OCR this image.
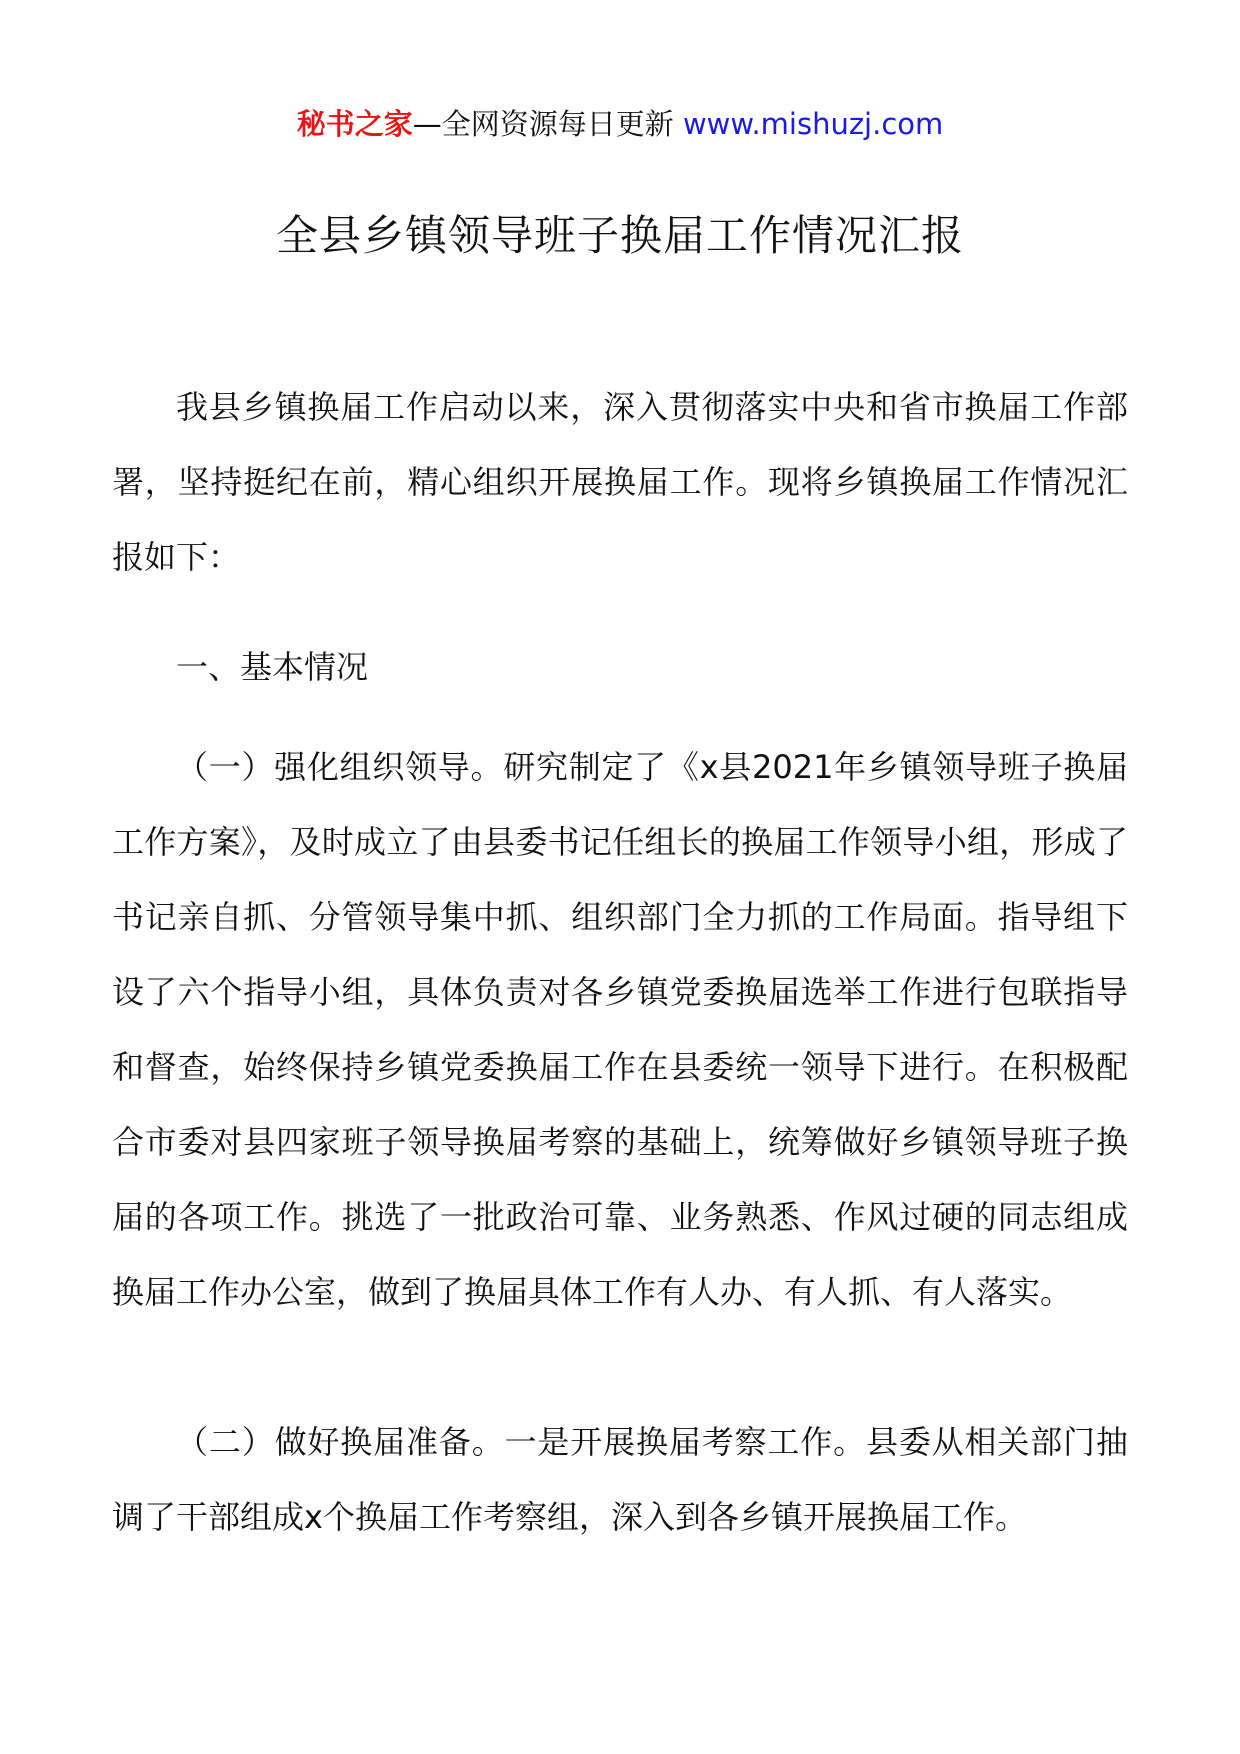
秘书之家—全网资源每日更新 www.mishuzj.com
全县乡镇领导班子换届工作情况汇报

我县乡镇换届工作启动以来，深入贯彻落实中央和省市换届工作部署，坚持挺纪在前，精心组织开展换届工作。现将乡镇换届工作情况汇报如下：

一、基本情况

（一）强化组织领导。研究制定了《x县2021年乡镇领导班子换届工作方案》，及时成立了由县委书记任组长的换届工作领导小组，形成了书记亲自抓、分管领导集中抓、组织部门全力抓的工作局面。指导组下设了六个指导小组，具体负责对各乡镇党委换届选举工作进行包联指导和督查，始终保持乡镇党委换届工作在县委统一领导下进行。在积极配合市委对县四家班子领导换届考察的基础上，统筹做好乡镇领导班子换届的各项工作。挑选了一批政治可靠、业务熟悉、作风过硬的同志组成换届工作办公室，做到了换届具体工作有人办、有人抓、有人落实。

（二）做好换届准备。一是开展换届考察工作。县委从相关部门抽调了干部组成x个换届工作考察组，深入到各乡镇开展换届工作。
